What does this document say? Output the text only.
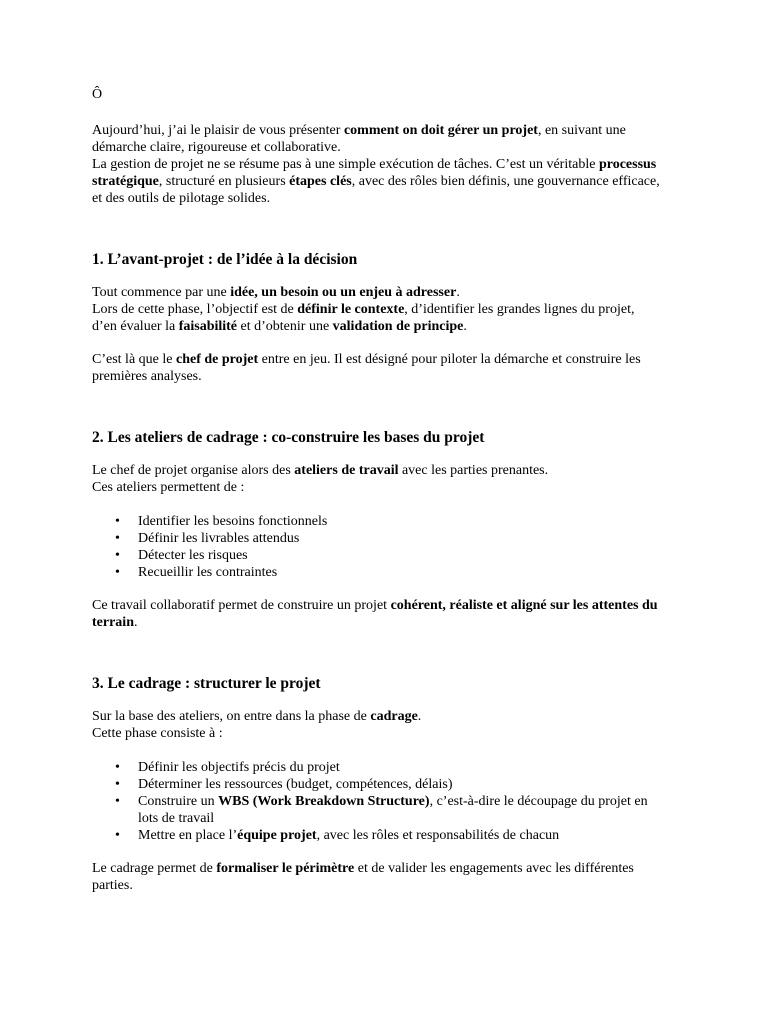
Ô

Aujourd’hui, j’ai le plaisir de vous présenter comment on doit gérer un projet, en suivant une démarche claire, rigoureuse et collaborative.

La gestion de projet ne se résume pas à une simple exécution de tâches. C’est un véritable processus stratégique, structuré en plusieurs étapes clés, avec des rôles bien définis, une gouvernance efficace, et des outils de pilotage solides.

1. L’avant-projet : de l’idée à la décision

Tout commence par une idée, un besoin ou un enjeu à adresser.

Lors de cette phase, l’objectif est de définir le contexte, d’identifier les grandes lignes du projet, d’en évaluer la faisabilité et d’obtenir une validation de principe.

C’est là que le chef de projet entre en jeu. Il est désigné pour piloter la démarche et construire les premières analyses.

2. Les ateliers de cadrage : co-construire les bases du projet

Le chef de projet organise alors des ateliers de travail avec les parties prenantes.

Ces ateliers permettent de :

• Identifier les besoins fonctionnels
• Définir les livrables attendus
• Détecter les risques
• Recueillir les contraintes

Ce travail collaboratif permet de construire un projet cohérent, réaliste et aligné sur les attentes du terrain.

3. Le cadrage : structurer le projet

Sur la base des ateliers, on entre dans la phase de cadrage.

Cette phase consiste à :

• Définir les objectifs précis du projet
• Déterminer les ressources (budget, compétences, délais)
• Construire un WBS (Work Breakdown Structure), c’est-à-dire le découpage du projet en lots de travail
• Mettre en place l’équipe projet, avec les rôles et responsabilités de chacun

Le cadrage permet de formaliser le périmètre et de valider les engagements avec les différentes parties.
